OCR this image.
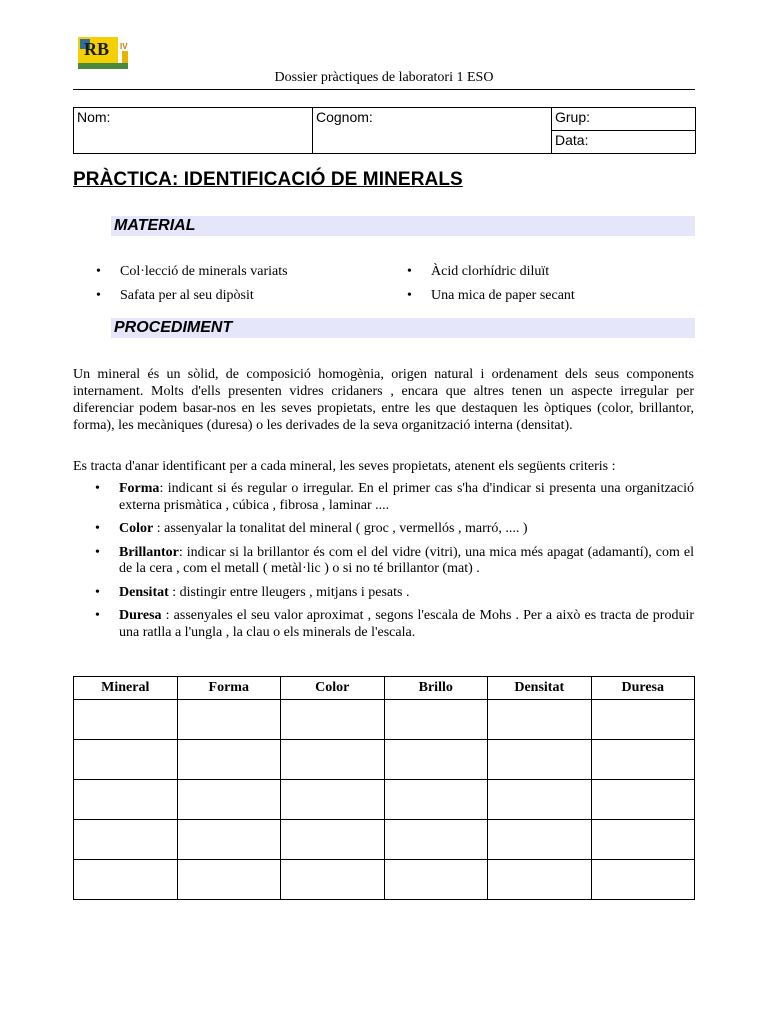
RB IV
Dossier pràctiques de laboratori 1 ESO
Nom:	Cognom:	Grup:
Data:
PRÀCTICA: IDENTIFICACIÓ DE MINERALS
MATERIAL
• Col·lecció de minerals variats
• Safata per al seu dipòsit
• Àcid clorhídric diluït
• Una mica de paper secant
PROCEDIMENT
Un mineral és un sòlid, de composició homogènia, origen natural i ordenament dels seus components internament. Molts d'ells presenten vidres cridaners , encara que altres tenen un aspecte irregular per diferenciar podem basar-nos en les seves propietats, entre les que destaquen les òptiques (color, brillantor, forma), les mecàniques (duresa) o les derivades de la seva organització interna (densitat).
Es tracta d'anar identificant per a cada mineral, les seves propietats, atenent els següents criteris :
• Forma: indicant si és regular o irregular. En el primer cas s'ha d'indicar si presenta una organització externa prismàtica , cúbica , fibrosa , laminar ....
• Color : assenyalar la tonalitat del mineral ( groc , vermellós , marró, .... )
• Brillantor: indicar si la brillantor és com el del vidre (vitri), una mica més apagat (adamantí), com el de la cera , com el metall ( metàl·lic ) o si no té brillantor (mat) .
• Densitat : distingir entre lleugers , mitjans i pesats .
• Duresa : assenyales el seu valor aproximat , segons l'escala de Mohs . Per a això es tracta de produir una ratlla a l'ungla , la clau o els minerals de l'escala.
Mineral	Forma	Color	Brillo	Densitat	Duresa
